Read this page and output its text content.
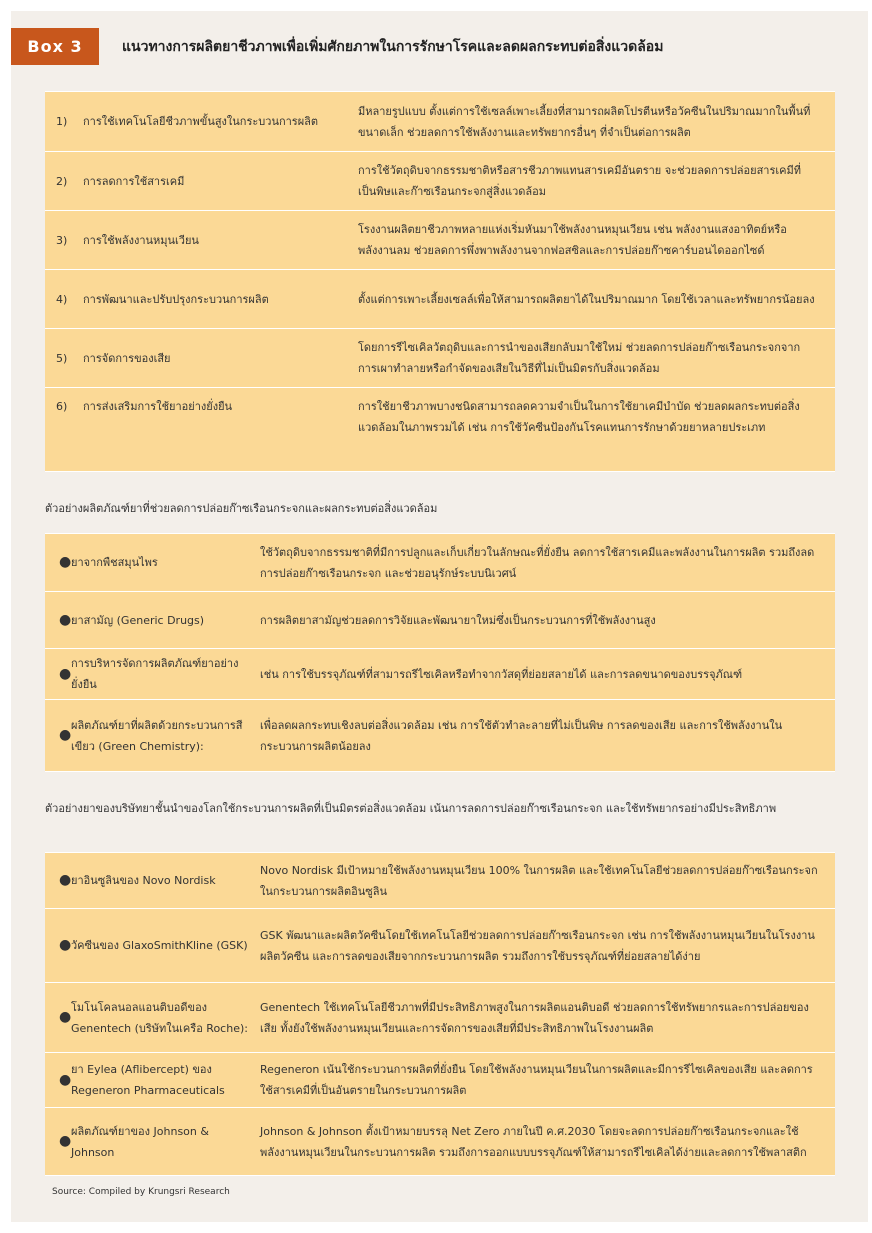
Box 3	แนวทางการผลิตยาชีวภาพเพื่อเพิ่มศักยภาพในการรักษาโรคและลดผลกระทบต่อสิ่งแวดล้อม
1)	การใช้เทคโนโลยีชีวภาพขั้นสูงในกระบวนการผลิต	มีหลายรูปแบบ ตั้งแต่การใช้เซลล์เพาะเลี้ยงที่สามารถผลิตโปรตีนหรือวัคซีนในปริมาณมากในพื้นที่ขนาดเล็ก ช่วยลดการใช้พลังงานและทรัพยากรอื่นๆ ที่จำเป็นต่อการผลิต
2)	การลดการใช้สารเคมี	การใช้วัตถุดิบจากธรรมชาติหรือสารชีวภาพแทนสารเคมีอันตราย จะช่วยลดการปล่อยสารเคมีที่เป็นพิษและก๊าซเรือนกระจกสู่สิ่งแวดล้อม
3)	การใช้พลังงานหมุนเวียน	โรงงานผลิตยาชีวภาพหลายแห่งเริ่มหันมาใช้พลังงานหมุนเวียน เช่น พลังงานแสงอาทิตย์หรือพลังงานลม ช่วยลดการพึ่งพาพลังงานจากฟอสซิลและการปล่อยก๊าซคาร์บอนไดออกไซด์
4)	การพัฒนาและปรับปรุงกระบวนการผลิต	ตั้งแต่การเพาะเลี้ยงเซลล์เพื่อให้สามารถผลิตยาได้ในปริมาณมาก โดยใช้เวลาและทรัพยากรน้อยลง
5)	การจัดการของเสีย	โดยการรีไซเคิลวัตถุดิบและการนำของเสียกลับมาใช้ใหม่ ช่วยลดการปล่อยก๊าซเรือนกระจกจากการเผาทำลายหรือกำจัดของเสียในวิธีที่ไม่เป็นมิตรกับสิ่งแวดล้อม
6)	การส่งเสริมการใช้ยาอย่างยั่งยืน	การใช้ยาชีวภาพบางชนิดสามารถลดความจำเป็นในการใช้ยาเคมีบำบัด ช่วยลดผลกระทบต่อสิ่งแวดล้อมในภาพรวมได้ เช่น การใช้วัคซีนป้องกันโรคแทนการรักษาด้วยยาหลายประเภท
ตัวอย่างผลิตภัณฑ์ยาที่ช่วยลดการปล่อยก๊าซเรือนกระจกและผลกระทบต่อสิ่งแวดล้อม
●	ยาจากพืชสมุนไพร	ใช้วัตถุดิบจากธรรมชาติที่มีการปลูกและเก็บเกี่ยวในลักษณะที่ยั่งยืน ลดการใช้สารเคมีและพลังงานในการผลิต รวมถึงลดการปล่อยก๊าซเรือนกระจก และช่วยอนุรักษ์ระบบนิเวศน์
●	ยาสามัญ (Generic Drugs)	การผลิตยาสามัญช่วยลดการวิจัยและพัฒนายาใหม่ซึ่งเป็นกระบวนการที่ใช้พลังงานสูง
●	การบริหารจัดการผลิตภัณฑ์ยาอย่างยั่งยืน	เช่น การใช้บรรจุภัณฑ์ที่สามารถรีไซเคิลหรือทำจากวัสดุที่ย่อยสลายได้ และการลดขนาดของบรรจุภัณฑ์
●	ผลิตภัณฑ์ยาที่ผลิตด้วยกระบวนการสีเขียว (Green Chemistry):	เพื่อลดผลกระทบเชิงลบต่อสิ่งแวดล้อม เช่น การใช้ตัวทำละลายที่ไม่เป็นพิษ การลดของเสีย และการใช้พลังงานในกระบวนการผลิตน้อยลง
ตัวอย่างยาของบริษัทยาชั้นนำของโลกใช้กระบวนการผลิตที่เป็นมิตรต่อสิ่งแวดล้อม เน้นการลดการปล่อยก๊าซเรือนกระจก และใช้ทรัพยากรอย่างมีประสิทธิภาพ
●	ยาอินซูลินของ Novo Nordisk	Novo Nordisk มีเป้าหมายใช้พลังงานหมุนเวียน 100% ในการผลิต และใช้เทคโนโลยีช่วยลดการปล่อยก๊าซเรือนกระจกในกระบวนการผลิตอินซูลิน
●	วัคซีนของ GlaxoSmithKline (GSK)	GSK พัฒนาและผลิตวัคซีนโดยใช้เทคโนโลยีช่วยลดการปล่อยก๊าซเรือนกระจก เช่น การใช้พลังงานหมุนเวียนในโรงงานผลิตวัคซีน และการลดของเสียจากกระบวนการผลิต รวมถึงการใช้บรรจุภัณฑ์ที่ย่อยสลายได้ง่าย
●	โมโนโคลนอลแอนติบอดีของ Genentech (บริษัทในเครือ Roche):	Genentech ใช้เทคโนโลยีชีวภาพที่มีประสิทธิภาพสูงในการผลิตแอนติบอดี ช่วยลดการใช้ทรัพยากรและการปล่อยของเสีย ทั้งยังใช้พลังงานหมุนเวียนและการจัดการของเสียที่มีประสิทธิภาพในโรงงานผลิต
●	ยา Eylea (Aflibercept) ของ Regeneron Pharmaceuticals	Regeneron เน้นใช้กระบวนการผลิตที่ยั่งยืน โดยใช้พลังงานหมุนเวียนในการผลิตและมีการรีไซเคิลของเสีย และลดการใช้สารเคมีที่เป็นอันตรายในกระบวนการผลิต
●	ผลิตภัณฑ์ยาของ Johnson & Johnson	Johnson & Johnson ตั้งเป้าหมายบรรลุ Net Zero ภายในปี ค.ศ.2030 โดยจะลดการปล่อยก๊าซเรือนกระจกและใช้พลังงานหมุนเวียนในกระบวนการผลิต รวมถึงการออกแบบบรรจุภัณฑ์ให้สามารถรีไซเคิลได้ง่ายและลดการใช้พลาสติก
Source: Compiled by Krungsri Research
